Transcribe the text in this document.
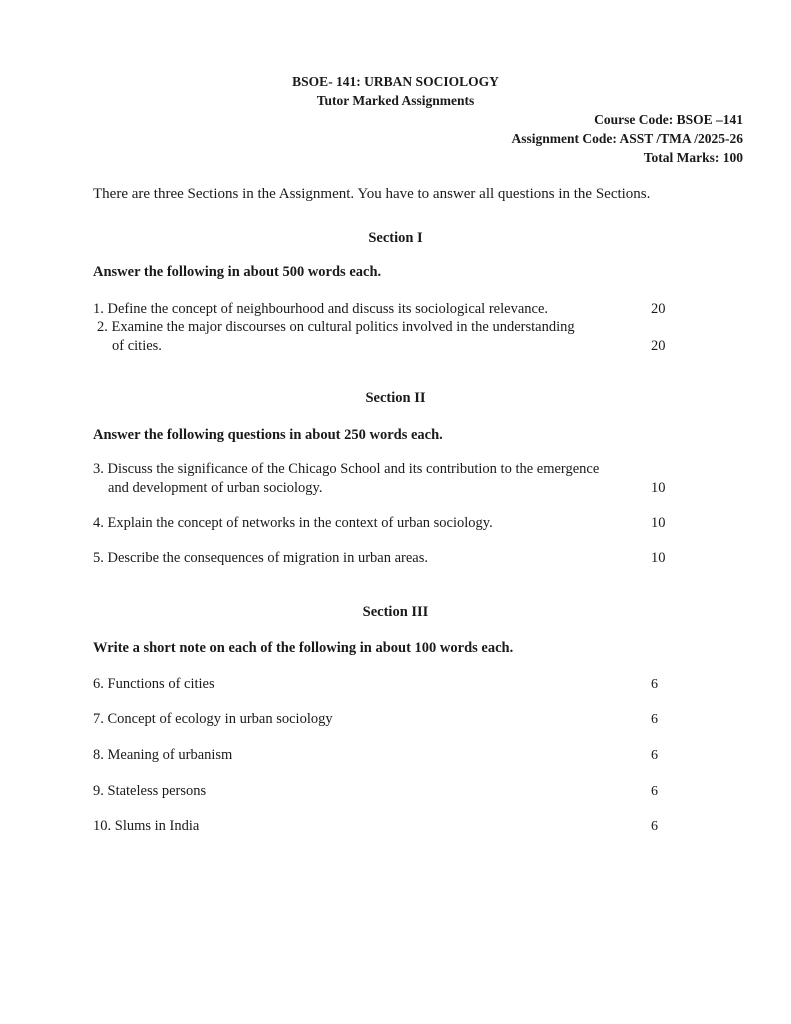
BSOE- 141: URBAN SOCIOLOGY
Tutor Marked Assignments
Course Code: BSOE –141
Assignment Code: ASST /TMA /2025-26
Total Marks: 100
There are three Sections in the Assignment. You have to answer all questions in the Sections.
Section I
Answer the following in about 500 words each.
1. Define the concept of neighbourhood and discuss its sociological relevance.	20
2. Examine the major discourses on cultural politics involved in the understanding
of cities.	20
Section II
Answer the following questions in about 250 words each.
3. Discuss the significance of the Chicago School and its contribution to the emergence
and development of urban sociology.	10
4. Explain the concept of networks in the context of urban sociology.	10
5. Describe the consequences of migration in urban areas.	10
Section III
Write a short note on each of the following in about 100 words each.
6. Functions of cities	6
7. Concept of ecology in urban sociology	6
8. Meaning of urbanism	6
9. Stateless persons	6
10. Slums in India	6
